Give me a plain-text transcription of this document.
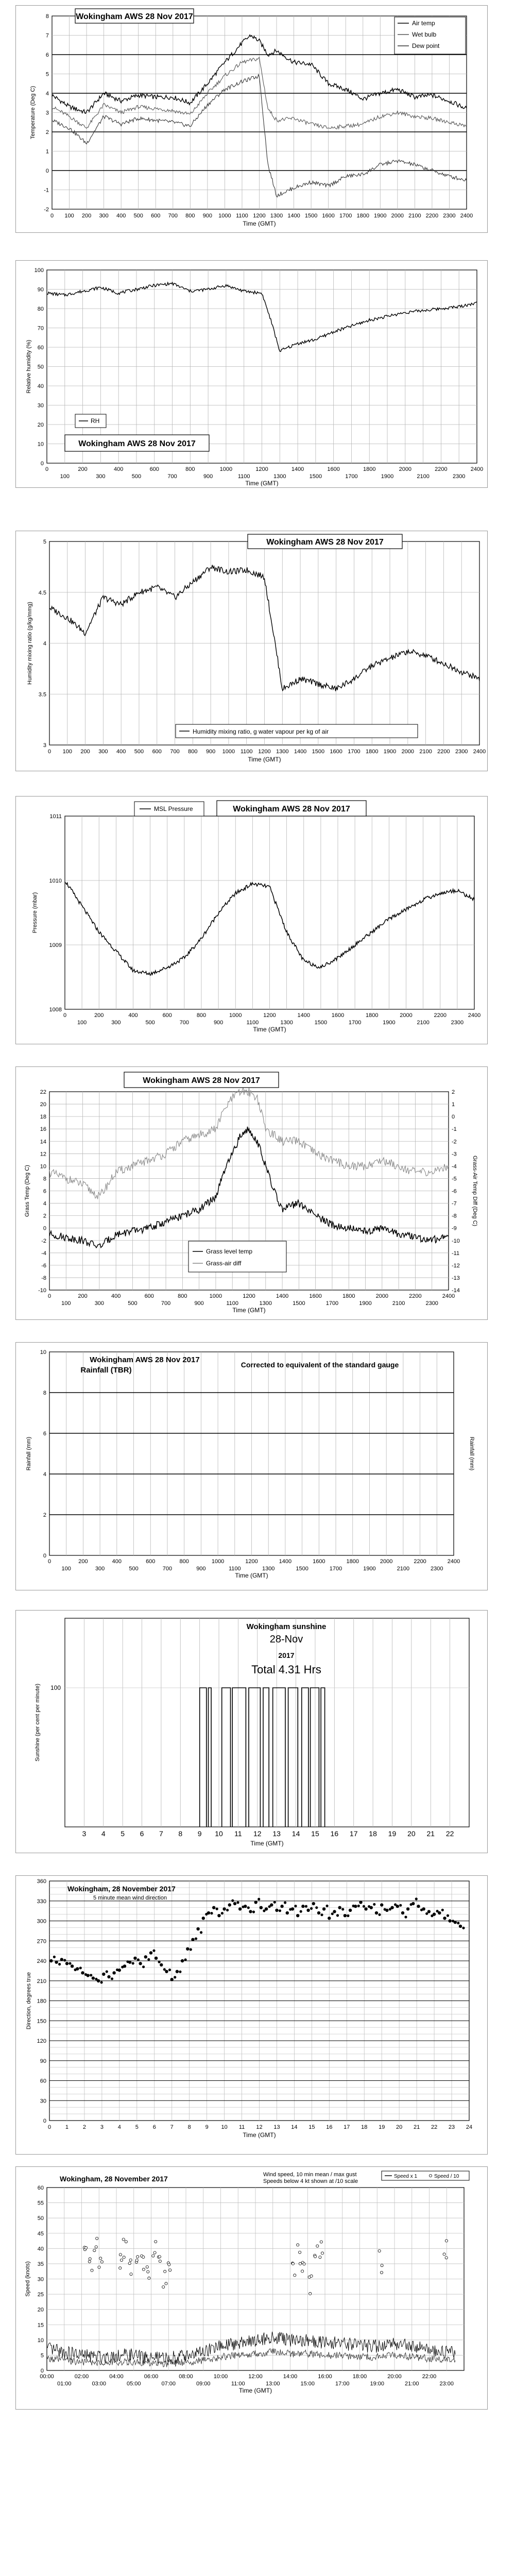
Wokingham AWS 28 Nov 2017
Air temp
Wet bulb
Dew point
8
7
6
5
4
3
2
1
0
-1
-2
0 100 200 300 400 500 600 700 800 900 1000 1100 1200 1300 1400 1500 1600 1700 1800 1900 2000 2100 2200 2300 2400
Time (GMT)
Temperature (Deg C)
RH
Wokingham AWS 28 Nov 2017
100
90
80
70
60
50
40
30
20
10
0
0	200	400	600	800	1000	1200	1400	1600	1800	2000	2200	2400
100	300	500	700	900	1100	1300	1500	1700	1900	2100	2300
Time (GMT)
Relative humidity (%)
Wokingham AWS 28 Nov 2017
Humidity mixing ratio, g water vapour per kg of air
5
4.5
4
3.5
3
0 100 200 300 400 500 600 700 800 900 1000 1100 1200 1300 1400 1500 1600 1700 1800 1900 2000 2100 2200 2300 2400
Time (GMT)
Humidity mixing ratio (g/kg/mmg)
MSL Pressure	Wokingham AWS 28 Nov 2017
1011
1010
1009
1008
0	200	400	600	800	1000	1200	1400	1600	1800	2000	2200	2400
100	300	500	700	900	1100	1300	1500	1700	1900	2100	2300
Time (GMT)
Pressure (mbar)
Wokingham AWS 28 Nov 2017
Grass level temp
Grass-air diff
22
20
18
16
14
12
10
8
6
4
2
0
-2
-4
-6
-8
-10
2
1
0
-1
-2
-3
-4
-5
-6
-7
-8
-9
-10
-11
-12
-13
-14
0	200	400	600	800	1000	1200	1400	1600	1800	2000	2200	2400
100	300	500	700	900	1100	1300	1500	1700	1900	2100	2300
Time (GMT)
Grass Temp (Deg C)	Grass-Air Temp Diff (Deg C)
Wokingham AWS 28 Nov 2017
Rainfall (TBR)
Corrected to equivalent of the standard gauge
10
8
6
4
2
0
0	200	400	600	800	1000	1200	1400	1600	1800	2000	2200	2400
100	300	500	700	900	1100	1300	1500	1700	1900	2100	2300
Time (GMT)
Rainfall (mm)	Rainfall (mm)
Wokingham sunshine
28-Nov
2017
Total 4.31 Hrs
100
3 4 5 6 7 8 9 10 11 12 13 14 15 16 17 18 19 20 21 22
Time (GMT)
Sunshine (per cent per minute)
Wokingham, 28 November 2017
5 minute mean wind direction
360
330
300
270
240
210
180
150
120
90
60
30
0
0	1	2	3	4	5	6	7	8	9 10 11 12 13 14 15 16 17 18 19 20 21 22 23 24
Time (GMT)
Direction, degrees true
Wokingham, 28 November 2017	Wind speed, 10 min mean / max gust
Speeds below 4 kt shown at /10 scale
Speed x 1	Speed / 10
60
55
50
45
40
35
30
25
20
15
10
5
0
00:00	02:00	04:00	06:00	08:00	10:00	12:00	14:00	16:00	18:00	20:00	22:00
01:00	03:00	05:00	07:00	09:00	11:00	13:00	15:00	17:00	19:00	21:00	23:00
Time (GMT)
Speed (knots)
